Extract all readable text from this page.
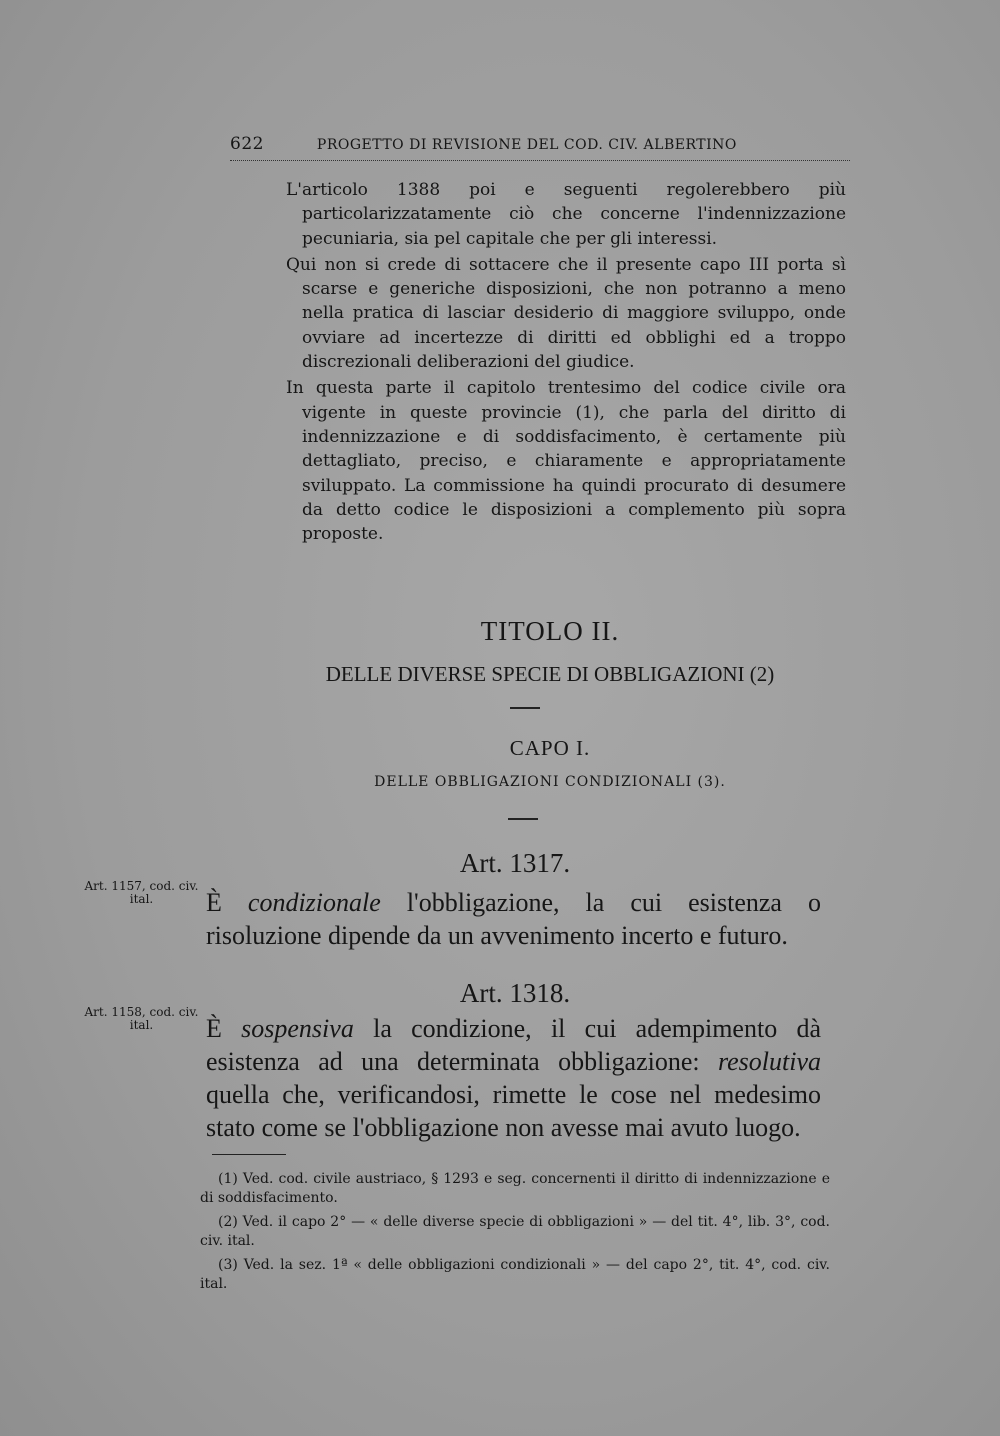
622	PROGETTO DI REVISIONE DEL COD. CIV. ALBERTINO

L'articolo 1388 poi e seguenti regolerebbero più particolarizzatamente ciò che concerne l'indennizzazione pecuniaria, sia pel capitale che per gli interessi.

Qui non si crede di sottacere che il presente capo III porta sì scarse e generiche disposizioni, che non potranno a meno nella pratica di lasciar desiderio di maggiore sviluppo, onde ovviare ad incertezze di diritti ed obblighi ed a troppo discrezionali deliberazioni del giudice.

In questa parte il capitolo trentesimo del codice civile ora vigente in queste provincie (1), che parla del diritto di indennizzazione e di soddisfacimento, è certamente più dettagliato, preciso, e chiaramente e appropriatamente sviluppato. La commissione ha quindi procurato di desumere da detto codice le disposizioni a complemento più sopra proposte.

TITOLO II.
DELLE DIVERSE SPECIE DI OBBLIGAZIONI (2)
CAPO I.
DELLE OBBLIGAZIONI CONDIZIONALI (3).
Art. 1317.
Art. 1157, cod. civ. ital.	È condizionale l'obbligazione, la cui esistenza o risoluzione dipende da un avvenimento incerto e futuro.
Art. 1318.
Art. 1158, cod. civ. ital.	È sospensiva la condizione, il cui adempimento dà esistenza ad una determinata obbligazione: resolutiva quella che, verificandosi, rimette le cose nel medesimo stato come se l'obbligazione non avesse mai avuto luogo.

(1) Ved. cod. civile austriaco, § 1293 e seg. concernenti il diritto di indennizzazione e di soddisfacimento.

(2) Ved. il capo 2° — « delle diverse specie di obbligazioni » — del tit. 4°, lib. 3°, cod. civ. ital.

(3) Ved. la sez. 1ª « delle obbligazioni condizionali » — del capo 2°, tit. 4°, cod. civ. ital.
